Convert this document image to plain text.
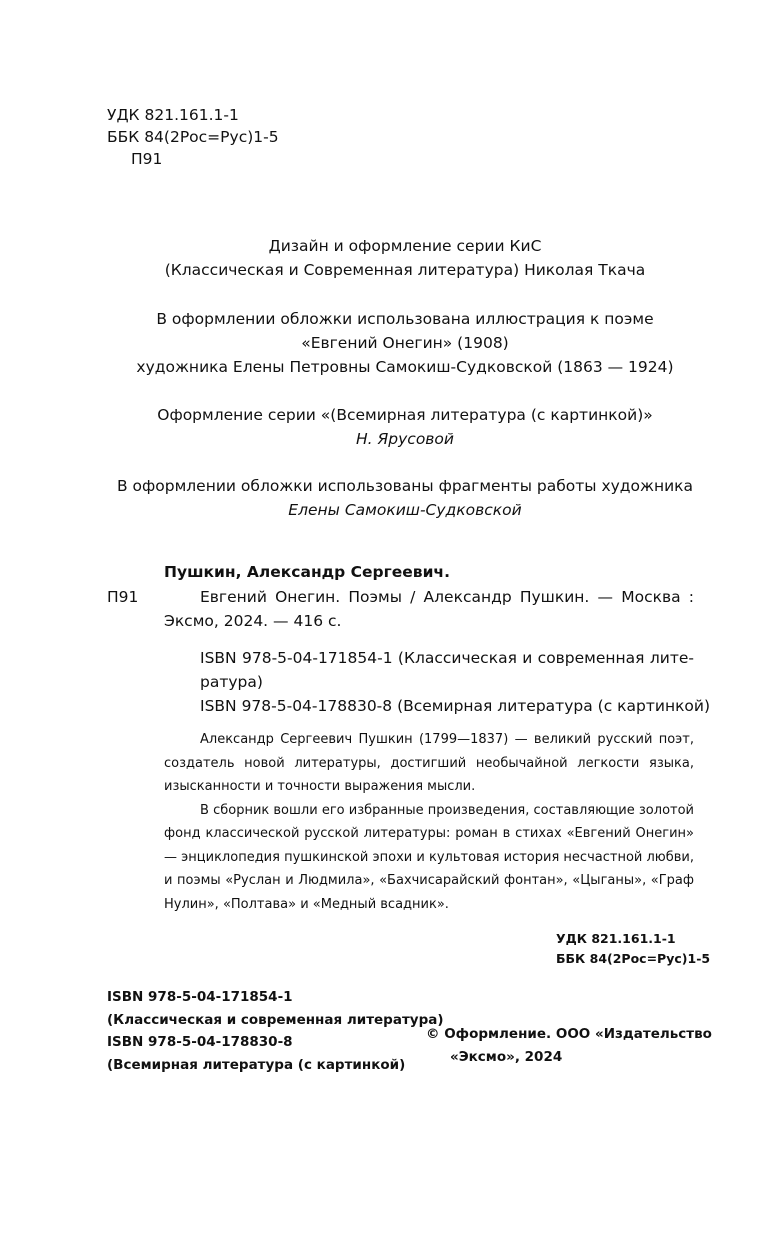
УДК 821.161.1-1
ББК 84(2Рос=Рус)1-5
П91
Дизайн и оформление серии КиС
(Классическая и Современная литература) Николая Ткача
В оформлении обложки использована иллюстрация к поэме
«Евгений Онегин» (1908)
художника Елены Петровны Самокиш-Судковской (1863 — 1924)
Оформление серии «(Всемирная литература (с картинкой)»
Н. Ярусовой
В оформлении обложки использованы фрагменты работы художника
Елены Самокиш-Судковской
Пушкин, Александр Сергеевич.
П91	Евгений Онегин. Поэмы / Александр Пушкин. — Москва :
Эксмо, 2024. — 416 с.
ISBN 978-5-04-171854-1 (Классическая и современная лите-
ратура)
ISBN 978-5-04-178830-8 (Всемирная литература (с картинкой)

Александр Сергеевич Пушкин (1799—1837) — великий русский поэт, создатель новой литературы, достигший необычайной легкости языка, изысканности и точности выражения мысли.

В сборник вошли его избранные произведения, составляющие золотой фонд классической русской литературы: роман в стихах «Евгений Онегин» — энциклопедия пушкинской эпохи и культовая история несчастной любви, и поэмы «Руслан и Людмила», «Бахчисарайский фонтан», «Цыганы», «Граф Нулин», «Полтава» и «Медный всадник».

УДК 821.161.1-1
ББК 84(2Рос=Рус)1-5
ISBN 978-5-04-171854-1
(Классическая и современная литература)
ISBN 978-5-04-178830-8
(Всемирная литература (с картинкой)
© Оформление. ООО «Издательство
«Эксмо», 2024
